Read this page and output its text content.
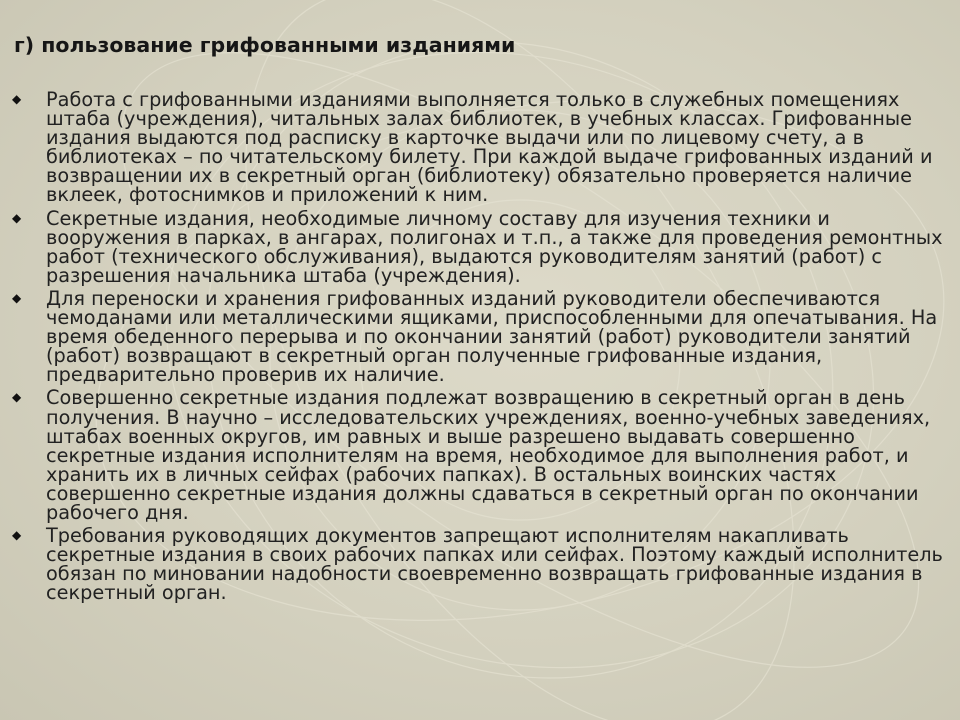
г) пользование грифованными изданиями
◆ Работа с грифованными изданиями выполняется только в служебных помещениях штаба (учреждения), читальных залах библиотек, в учебных классах. Грифованные издания выдаются под расписку в карточке выдачи или по лицевому счету, а в библиотеках – по читательскому билету. При каждой выдаче грифованных изданий и возвращении их в секретный орган (библиотеку) обязательно проверяется наличие вклеек, фотоснимков и приложений к ним.
◆ Секретные издания, необходимые личному составу для изучения техники и вооружения в парках, в ангарах, полигонах и т.п., а также для проведения ремонтных работ (технического обслуживания), выдаются руководителям занятий (работ) с разрешения начальника штаба (учреждения).
◆ Для переноски и хранения грифованных изданий руководители обеспечиваются чемоданами или металлическими ящиками, приспособленными для опечатывания. На время обеденного перерыва и по окончании занятий (работ) руководители занятий (работ) возвращают в секретный орган полученные грифованные издания, предварительно проверив их наличие.
◆ Совершенно секретные издания подлежат возвращению в секретный орган в день получения. В научно – исследовательских учреждениях, военно-учебных заведениях, штабах военных округов, им равных и выше разрешено выдавать совершенно секретные издания исполнителям на время, необходимое для выполнения работ, и хранить их в личных сейфах (рабочих папках). В остальных воинских частях совершенно секретные издания должны сдаваться в секретный орган по окончании рабочего дня.
◆ Требования руководящих документов запрещают исполнителям накапливать секретные издания в своих рабочих папках или сейфах. Поэтому каждый исполнитель обязан по миновании надобности своевременно возвращать грифованные издания в секретный орган.
